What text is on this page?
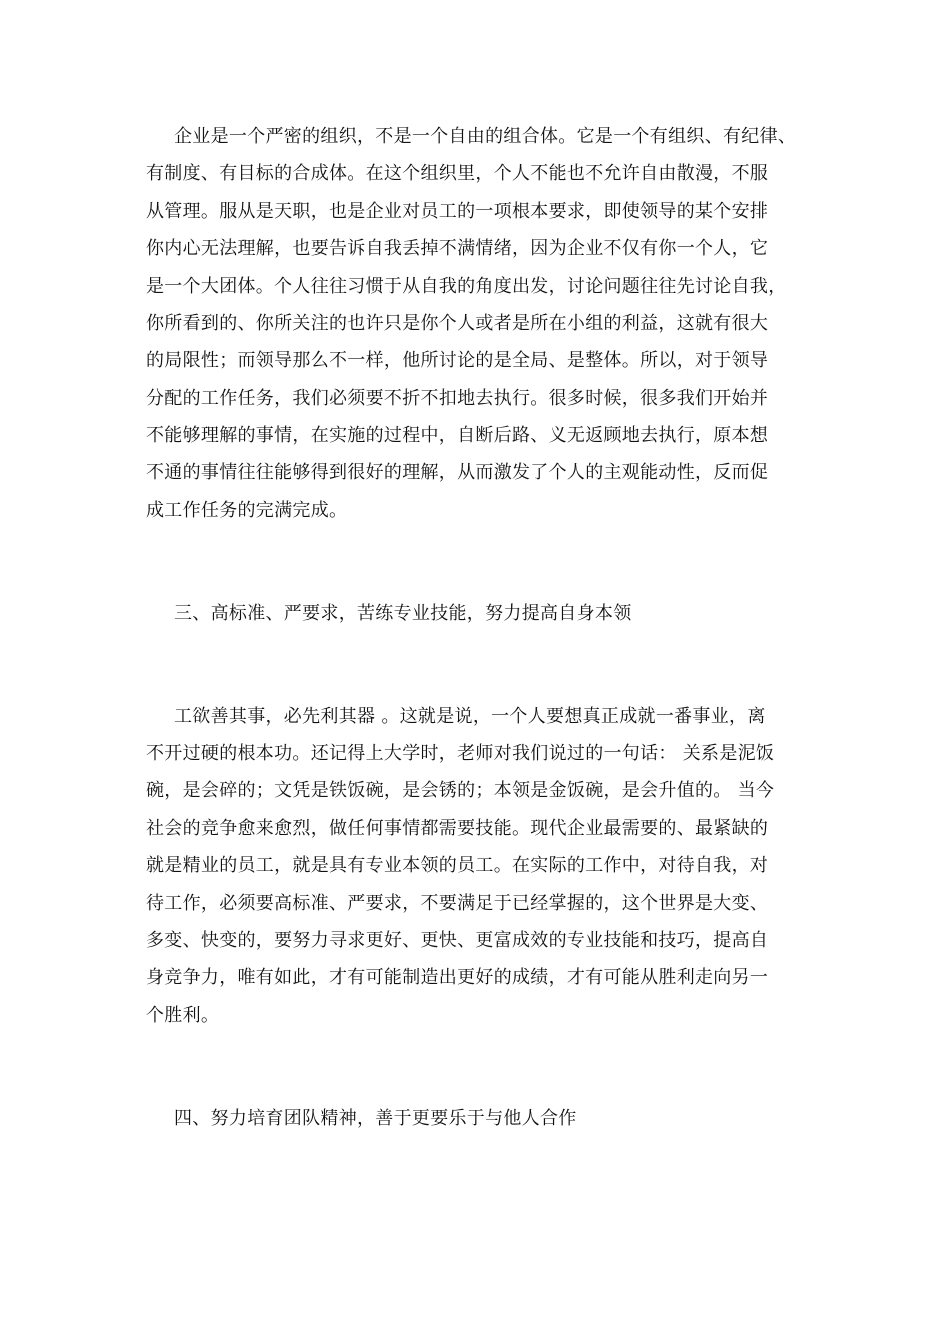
企业是一个严密的组织，不是一个自由的组合体。它是一个有组织、有纪律、
有制度、有目标的合成体。在这个组织里，个人不能也不允许自由散漫，不服
从管理。服从是天职，也是企业对员工的一项根本要求，即使领导的某个安排
你内心无法理解，也要告诉自我丢掉不满情绪，因为企业不仅有你一个人，它
是一个大团体。个人往往习惯于从自我的角度出发，讨论问题往往先讨论自我，
你所看到的、你所关注的也许只是你个人或者是所在小组的利益，这就有很大
的局限性；而领导那么不一样，他所讨论的是全局、是整体。所以，对于领导
分配的工作任务，我们必须要不折不扣地去执行。很多时候，很多我们开始并
不能够理解的事情，在实施的过程中，自断后路、义无返顾地去执行，原本想
不通的事情往往能够得到很好的理解，从而激发了个人的主观能动性，反而促
成工作任务的完满完成。
三、高标准、严要求，苦练专业技能，努力提高自身本领
工欲善其事，必先利其器 。这就是说，一个人要想真正成就一番事业，离
不开过硬的根本功。还记得上大学时，老师对我们说过的一句话： 关系是泥饭
碗，是会碎的；文凭是铁饭碗，是会锈的；本领是金饭碗，是会升值的。 当今
社会的竞争愈来愈烈，做任何事情都需要技能。现代企业最需要的、最紧缺的
就是精业的员工，就是具有专业本领的员工。在实际的工作中，对待自我，对
待工作，必须要高标准、严要求，不要满足于已经掌握的，这个世界是大变、
多变、快变的，要努力寻求更好、更快、更富成效的专业技能和技巧，提高自
身竞争力，唯有如此，才有可能制造出更好的成绩，才有可能从胜利走向另一
个胜利。
四、努力培育团队精神，善于更要乐于与他人合作
